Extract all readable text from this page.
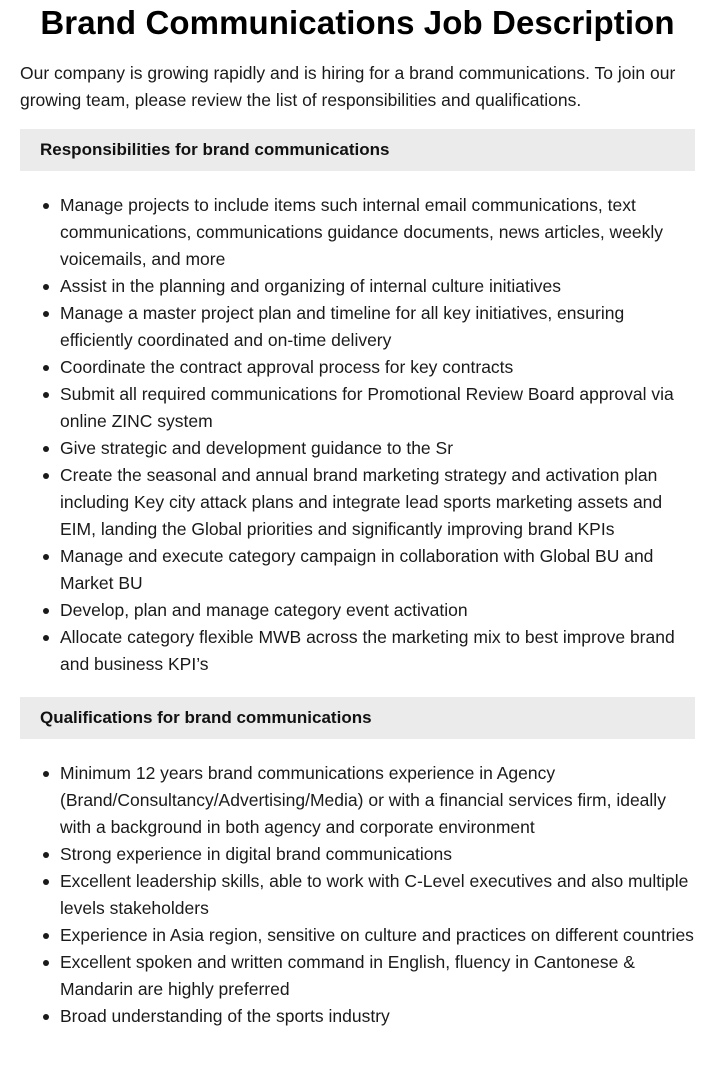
Brand Communications Job Description

Our company is growing rapidly and is hiring for a brand communications. To join our growing team, please review the list of responsibilities and qualifications.

Responsibilities for brand communications
Manage projects to include items such internal email communications, text communications, communications guidance documents, news articles, weekly voicemails, and more
Assist in the planning and organizing of internal culture initiatives
Manage a master project plan and timeline for all key initiatives, ensuring efficiently coordinated and on-time delivery
Coordinate the contract approval process for key contracts
Submit all required communications for Promotional Review Board approval via online ZINC system
Give strategic and development guidance to the Sr
Create the seasonal and annual brand marketing strategy and activation plan including Key city attack plans and integrate lead sports marketing assets and EIM, landing the Global priorities and significantly improving brand KPIs
Manage and execute category campaign in collaboration with Global BU and Market BU
Develop, plan and manage category event activation
Allocate category flexible MWB across the marketing mix to best improve brand and business KPI’s
Qualifications for brand communications
Minimum 12 years brand communications experience in Agency (Brand/Consultancy/Advertising/Media) or with a financial services firm, ideally with a background in both agency and corporate environment
Strong experience in digital brand communications
Excellent leadership skills, able to work with C-Level executives and also multiple levels stakeholders
Experience in Asia region, sensitive on culture and practices on different countries
Excellent spoken and written command in English, fluency in Cantonese & Mandarin are highly preferred
Broad understanding of the sports industry
